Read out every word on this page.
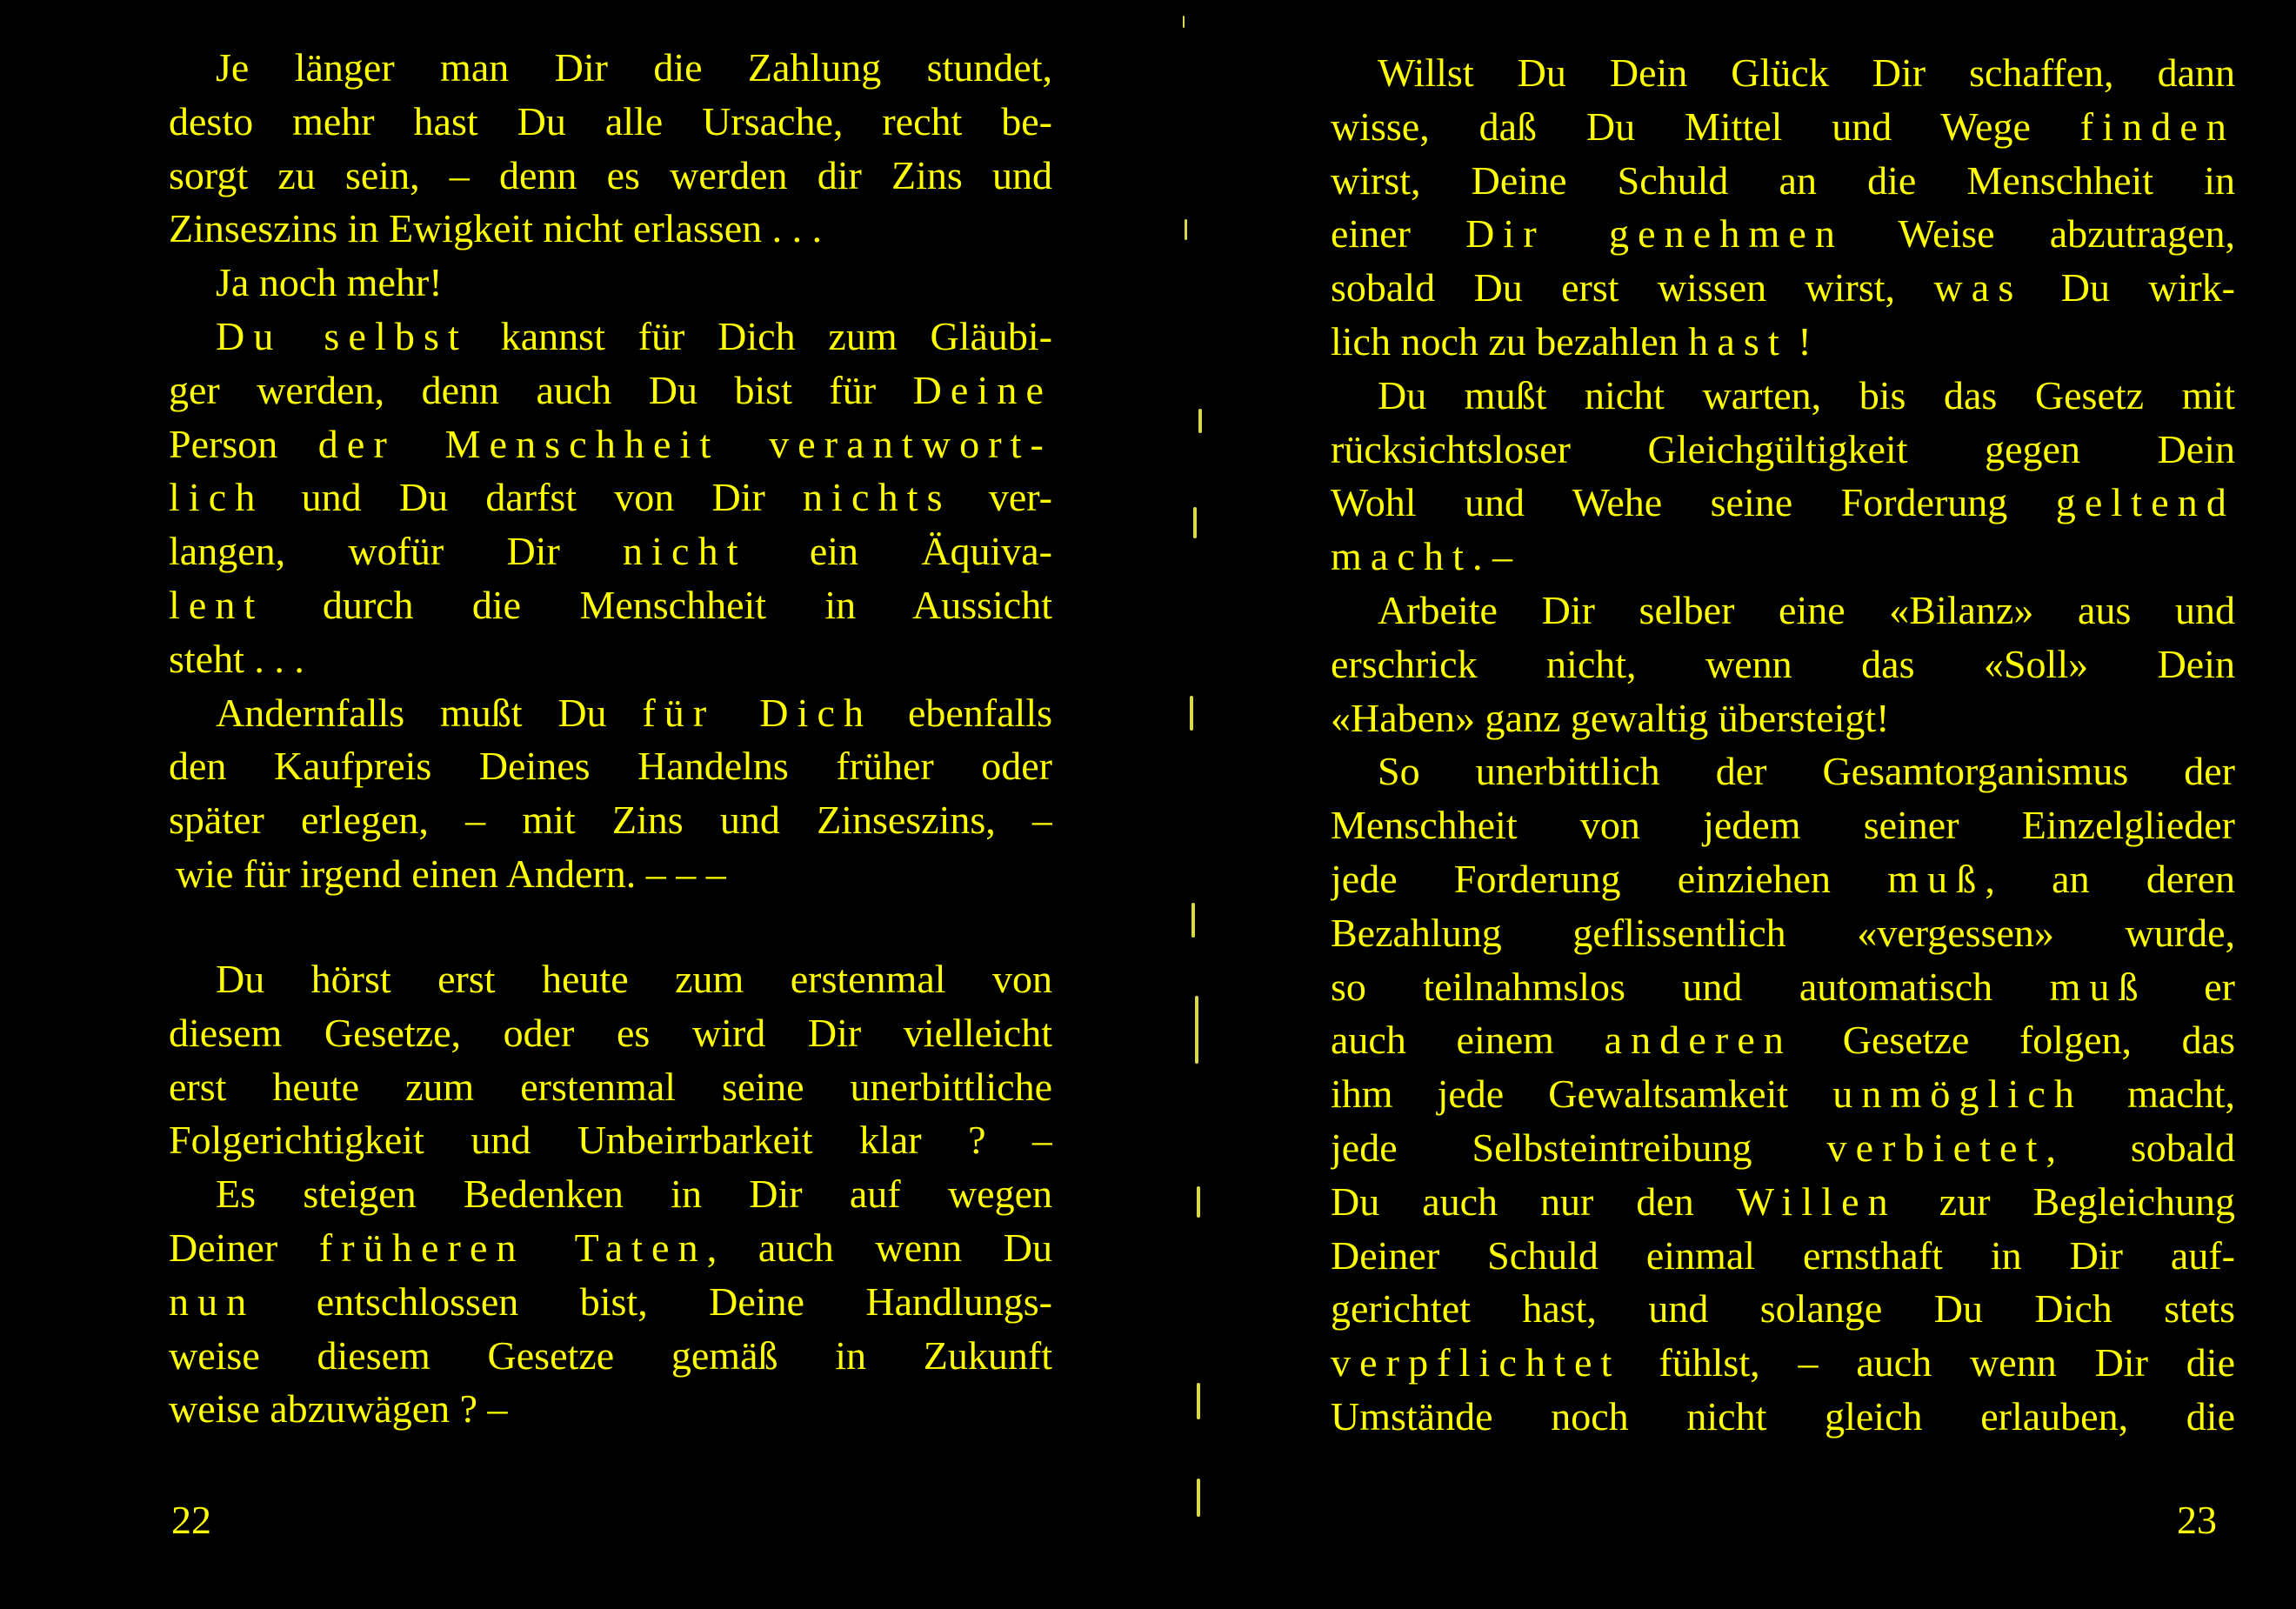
Je länger man Dir die Zahlung stundet,
desto mehr hast Du alle Ursache, recht be-
sorgt zu sein, – denn es werden dir Zins und
Zinseszins in Ewigkeit nicht erlassen . . .
Ja noch mehr!
Du selbst kannst für Dich zum Gläubi-
ger werden, denn auch Du bist für Deine
Person der Menschheit verantwort-
lich und Du darfst von Dir nichts ver-
langen, wofür Dir nicht ein Äquiva-
lent durch die Menschheit in Aussicht
steht . . .
Andernfalls mußt Du für Dich ebenfalls
den Kaufpreis Deines Handelns früher oder
später erlegen, – mit Zins und Zinseszins, –
wie für irgend einen Andern. – – –
Du hörst erst heute zum erstenmal von
diesem Gesetze, oder es wird Dir vielleicht
erst heute zum erstenmal seine unerbittliche
Folgerichtigkeit und Unbeirrbarkeit klar ? –
Es steigen Bedenken in Dir auf wegen
Deiner früheren Taten, auch wenn Du
nun entschlossen bist, Deine Handlungs-
weise diesem Gesetze gemäß in Zukunft
weise abzuwägen ? –
22
Willst Du Dein Glück Dir schaffen, dann
wisse, daß Du Mittel und Wege finden
wirst, Deine Schuld an die Menschheit in
einer Dir genehmen Weise abzutragen,
sobald Du erst wissen wirst, was Du wirk-
lich noch zu bezahlen hast !
Du mußt nicht warten, bis das Gesetz mit
rücksichtsloser Gleichgültigkeit gegen Dein
Wohl und Wehe seine Forderung geltend
macht. –
Arbeite Dir selber eine «Bilanz» aus und
erschrick nicht, wenn das «Soll» Dein
«Haben» ganz gewaltig übersteigt!
So unerbittlich der Gesamtorganismus der
Menschheit von jedem seiner Einzelglieder
jede Forderung einziehen muß, an deren
Bezahlung geflissentlich «vergessen» wurde,
so teilnahmslos und automatisch muß er
auch einem anderen Gesetze folgen, das
ihm jede Gewaltsamkeit unmöglich macht,
jede Selbsteintreibung verbietet, sobald
Du auch nur den Willen zur Begleichung
Deiner Schuld einmal ernsthaft in Dir auf-
gerichtet hast, und solange Du Dich stets
verpflichtet fühlst, – auch wenn Dir die
Umstände noch nicht gleich erlauben, die
23
